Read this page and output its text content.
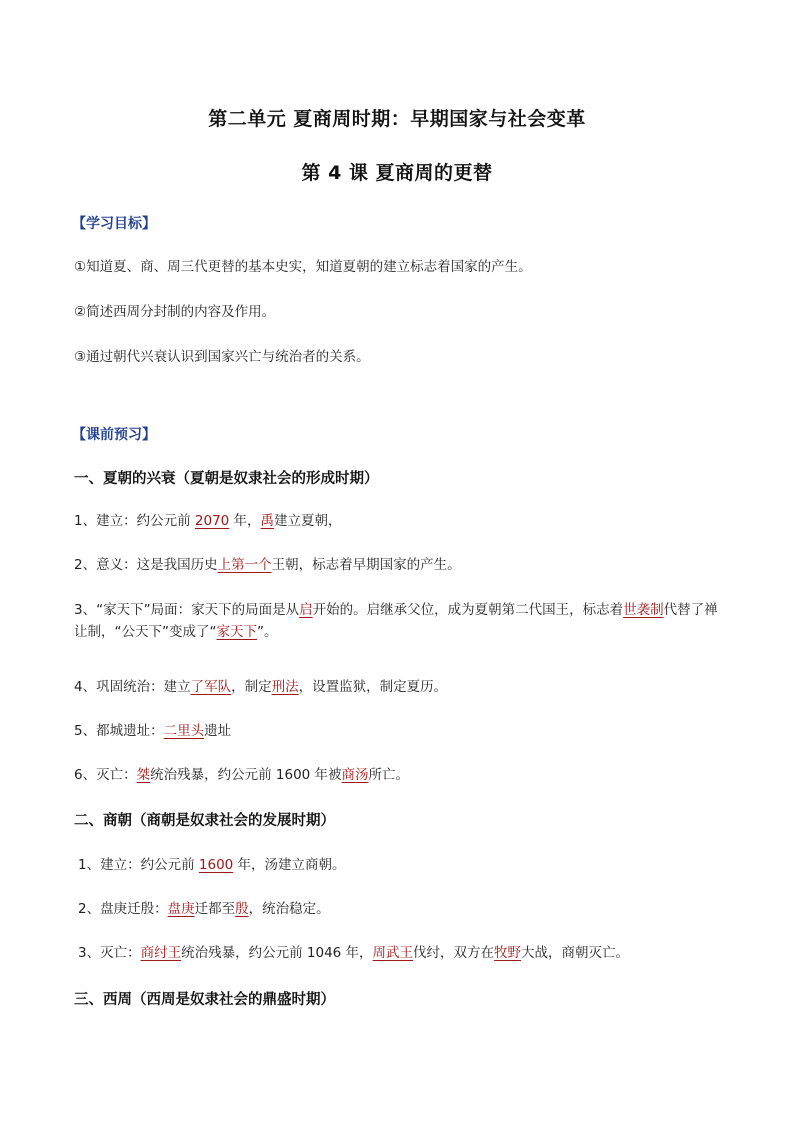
第二单元 夏商周时期：早期国家与社会变革
第 4 课 夏商周的更替
【学习目标】
①知道夏、商、周三代更替的基本史实，知道夏朝的建立标志着国家的产生。
②简述西周分封制的内容及作用。
③通过朝代兴衰认识到国家兴亡与统治者的关系。
【课前预习】
一、夏朝的兴衰（夏朝是奴隶社会的形成时期）
1、建立：约公元前 2070 年，禹建立夏朝，
2、意义：这是我国历史上第一个王朝，标志着早期国家的产生。
3、“家天下”局面：家天下的局面是从启开始的。启继承父位，成为夏朝第二代国王，标志着世袭制代替了禅让制，“公天下”变成了“家天下”。
4、巩固统治：建立了军队，制定刑法，设置监狱，制定夏历。
5、都城遗址：二里头遗址
6、灭亡：桀统治残暴，约公元前 1600 年被商汤所亡。
二、商朝（商朝是奴隶社会的发展时期）
1、建立：约公元前 1600 年，汤建立商朝。
2、盘庚迁殷：盘庚迁都至殷，统治稳定。
3、灭亡：商纣王统治残暴，约公元前 1046 年，周武王伐纣，双方在牧野大战，商朝灭亡。
三、西周（西周是奴隶社会的鼎盛时期）
